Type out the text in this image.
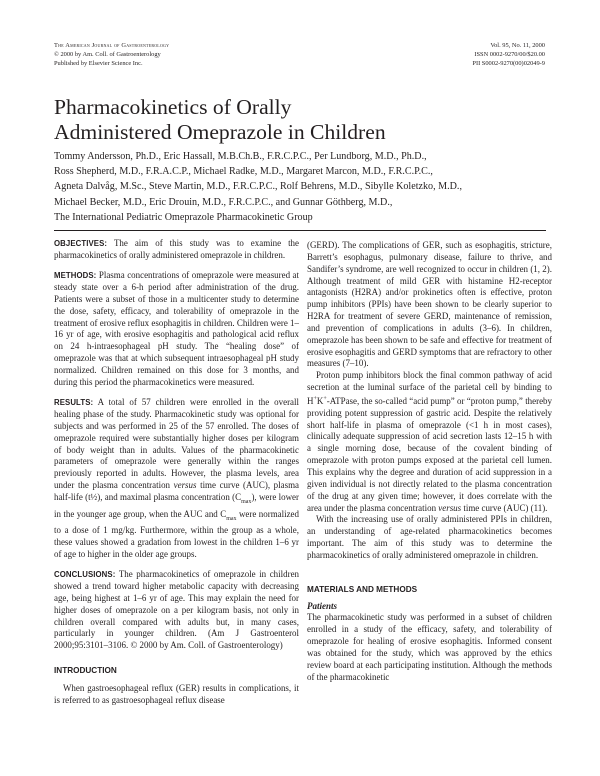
The American Journal of Gastroenterology
© 2000 by Am. Coll. of Gastroenterology
Published by Elsevier Science Inc.
Vol. 95, No. 11, 2000
ISSN 0002-9270/00/$20.00
PII S0002-9270(00)02049-9
Pharmacokinetics of Orally
Administered Omeprazole in Children
Tommy Andersson, Ph.D., Eric Hassall, M.B.Ch.B., F.R.C.P.C., Per Lundborg, M.D., Ph.D.,
Ross Shepherd, M.D., F.R.A.C.P., Michael Radke, M.D., Margaret Marcon, M.D., F.R.C.P.C.,
Agneta Dalvåg, M.Sc., Steve Martin, M.D., F.R.C.P.C., Rolf Behrens, M.D., Sibylle Koletzko, M.D.,
Michael Becker, M.D., Eric Drouin, M.D., F.R.C.P.C., and Gunnar Göthberg, M.D.,
The International Pediatric Omeprazole Pharmacokinetic Group

OBJECTIVES: The aim of this study was to examine the pharmacokinetics of orally administered omeprazole in children.

METHODS: Plasma concentrations of omeprazole were measured at steady state over a 6-h period after administration of the drug. Patients were a subset of those in a multicenter study to determine the dose, safety, efficacy, and tolerability of omeprazole in the treatment of erosive reflux esophagitis in children. Children were 1–16 yr of age, with erosive esophagitis and pathological acid reflux on 24 h-intraesophageal pH study. The “healing dose” of omeprazole was that at which subsequent intraesophageal pH study normalized. Children remained on this dose for 3 months, and during this period the pharmacokinetics were measured.

RESULTS: A total of 57 children were enrolled in the overall healing phase of the study. Pharmacokinetic study was optional for subjects and was performed in 25 of the 57 enrolled. The doses of omeprazole required were substantially higher doses per kilogram of body weight than in adults. Values of the pharmacokinetic parameters of omeprazole were generally within the ranges previously reported in adults. However, the plasma levels, area under the plasma concentration versus time curve (AUC), plasma half-life (t½), and maximal plasma concentration $(C_{max})$, were lower in the younger age group, when the AUC and $C_{max}$ were normalized to a dose of 1 mg/kg. Furthermore, within the group as a whole, these values showed a gradation from lowest in the children 1–6 yr of age to higher in the older age groups.

CONCLUSIONS: The pharmacokinetics of omeprazole in children showed a trend toward higher metabolic capacity with decreasing age, being highest at 1–6 yr of age. This may explain the need for higher doses of omeprazole on a per kilogram basis, not only in children overall compared with adults but, in many cases, particularly in younger children. (Am J Gastroenterol 2000;95:3101–3106. © 2000 by Am. Coll. of Gastroenterology)

INTRODUCTION

When gastroesophageal reflux (GER) results in complications, it is referred to as gastroesophageal reflux disease

(GERD). The complications of GER, such as esophagitis, stricture, Barrett’s esophagus, pulmonary disease, failure to thrive, and Sandifer’s syndrome, are well recognized to occur in children (1, 2). Although treatment of mild GER with histamine H2-receptor antagonists (H2RA) and/or prokinetics often is effective, proton pump inhibitors (PPIs) have been shown to be clearly superior to H2RA for treatment of severe GERD, maintenance of remission, and prevention of complications in adults (3–6). In children, omeprazole has been shown to be safe and effective for treatment of erosive esophagitis and GERD symptoms that are refractory to other measures (7–10).

Proton pump inhibitors block the final common pathway of acid secretion at the luminal surface of the parietal cell by binding to H+K+-ATPase, the so-called “acid pump” or “proton pump,” thereby providing potent suppression of gastric acid. Despite the relatively short half-life in plasma of omeprazole (<1 h in most cases), clinically adequate suppression of acid secretion lasts 12–15 h with a single morning dose, because of the covalent binding of omeprazole with proton pumps exposed at the parietal cell lumen. This explains why the degree and duration of acid suppression in a given individual is not directly related to the plasma concentration of the drug at any given time; however, it does correlate with the area under the plasma concentration versus time curve (AUC) (11).

With the increasing use of orally administered PPIs in children, an understanding of age-related pharmacokinetics becomes important. The aim of this study was to determine the pharmacokinetics of orally administered omeprazole in children.

MATERIALS AND METHODS
Patients

The pharmacokinetic study was performed in a subset of children enrolled in a study of the efficacy, safety, and tolerability of omeprazole for healing of erosive esophagitis. Informed consent was obtained for the study, which was approved by the ethics review board at each participating institution. Although the methods of the pharmacokinetic
